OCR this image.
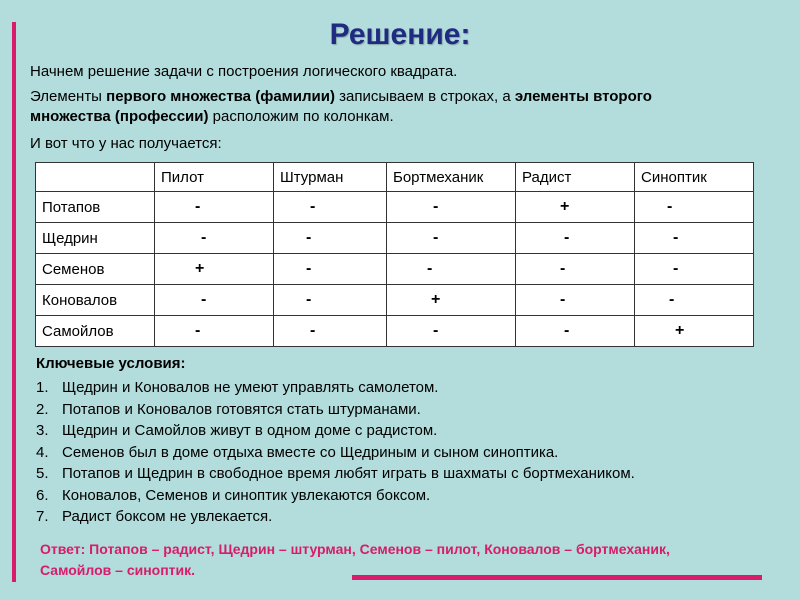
Решение:
Начнем решение задачи с построения логического квадрата.
Элементы первого множества (фамилии) записываем в строках, а элементы второго множества (профессии) расположим по колонкам.
И вот что у нас получается:
	Пилот	Штурман	Бортмеханик	Радист	Синоптик
Потапов	-	-	-	+	-
Щедрин	-	-	-	-	-
Семенов	+	-	-	-	-
Коновалов	-	-	+	-	-
Самойлов	-	-	-	-	+
Ключевые условия:
1. Щедрин и Коновалов не умеют управлять самолетом.
2. Потапов и Коновалов готовятся стать штурманами.
3. Щедрин и Самойлов живут в одном доме с радистом.
4. Семенов был в доме отдыха вместе со Щедриным и сыном синоптика.
5. Потапов и Щедрин в свободное время любят играть в шахматы с бортмехаником.
6. Коновалов, Семенов и синоптик увлекаются боксом.
7. Радист боксом не увлекается.
Ответ: Потапов – радист, Щедрин – штурман, Семенов – пилот, Коновалов – бортмеханик, Самойлов – синоптик.
